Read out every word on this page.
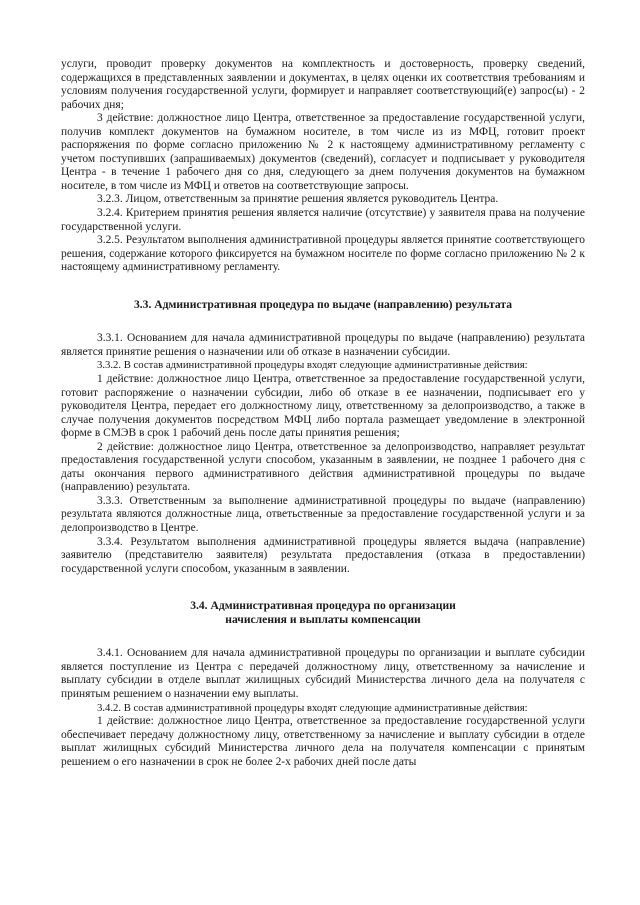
услуги, проводит проверку документов на комплектность и достоверность, проверку сведений, содержащихся в представленных заявлении и документах, в целях оценки их соответствия требованиям и условиям получения государственной услуги, формирует и направляет соответствующий(е) запрос(ы) - 2 рабочих дня;

3 действие: должностное лицо Центра, ответственное за предоставление государственной услуги, получив комплект документов на бумажном носителе, в том числе из из МФЦ, готовит проект распоряжения по форме согласно приложению № 2 к настоящему административному регламенту с учетом поступивших (запрашиваемых) документов (сведений), согласует и подписывает у руководителя Центра - в течение 1 рабочего дня со дня, следующего за днем получения документов на бумажном носителе, в том числе из МФЦ и ответов на соответствующие запросы.

3.2.3. Лицом, ответственным за принятие решения является руководитель Центра.

3.2.4. Критерием принятия решения является наличие (отсутствие) у заявителя права на получение государственной услуги.

3.2.5. Результатом выполнения административной процедуры является принятие соответствующего решения, содержание которого фиксируется на бумажном носителе по форме согласно приложению № 2 к настоящему административному регламенту.

3.3. Административная процедура по выдаче (направлению) результата

3.3.1. Основанием для начала административной процедуры по выдаче (направлению) результата является принятие решения о назначении или об отказе в назначении субсидии.

3.3.2. В состав административной процедуры входят следующие административные действия:

1 действие: должностное лицо Центра, ответственное за предоставление государственной услуги, готовит распоряжение о назначении субсидии, либо об отказе в ее назначении, подписывает его у руководителя Центра, передает его должностному лицу, ответственному за делопроизводство, а также в случае получения документов посредством МФЦ либо портала размещает уведомление в электронной форме в СМЭВ в срок 1 рабочий день после даты принятия решения;

2 действие: должностное лицо Центра, ответственное за делопроизводство, направляет результат предоставления государственной услуги способом, указанным в заявлении, не позднее 1 рабочего дня с даты окончания первого административного действия административной процедуры по выдаче (направлению) результата.

3.3.3. Ответственным за выполнение административной процедуры по выдаче (направлению) результата являются должностные лица, ответьственные за предоставление государственной услуги и за делопроизводство в Центре.

3.3.4. Результатом выполнения административной процедуры является выдача (направление) заявителю (представителю заявителя) результата предоставления (отказа в предоставлении) государственной услуги способом, указанным в заявлении.

3.4. Административная процедура по организации

начисления и выплаты компенсации

3.4.1. Основанием для начала административной процедуры по организации и выплате субсидии является поступление из Центра с передачей должностному лицу, ответственному за начисление и выплату субсидии в отделе выплат жилищных субсидий Министерства личного дела на получателя с принятым решением о назначении ему выплаты.

3.4.2. В состав административной процедуры входят следующие административные действия:

1 действие: должностное лицо Центра, ответственное за предоставление государственной услуги обеспечивает передачу должностному лицу, ответственному за начисление и выплату субсидии в отделе выплат жилищных субсидий Министерства личного дела на получателя компенсации с принятым решением о его назначении в срок не более 2-х рабочих дней после даты
